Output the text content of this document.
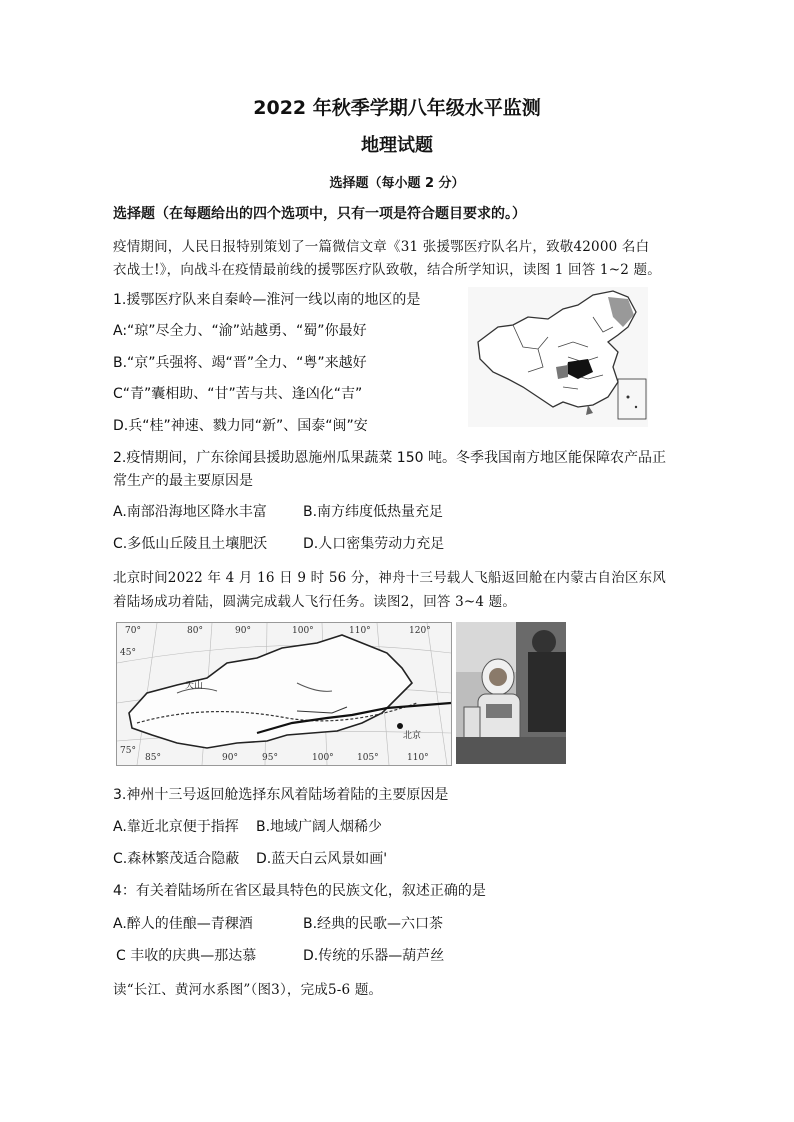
2022 年秋季学期八年级水平监测
地理试题
选择题（每小题 2 分）
选择题（在每题给出的四个选项中，只有一项是符合题目要求的。）
疫情期间，人民日报特别策划了一篇微信文章《31 张援鄂医疗队名片，致敬42000 名白
衣战士!》，向战斗在疫情最前线的援鄂医疗队致敬，结合所学知识，读图 1 回答 1~2 题。
1.援鄂医疗队来自秦岭—淮河一线以南的地区的是
A:“琼”尽全力、“渝”站越勇、“蜀”你最好
B.“京”兵强将、竭“晋”全力、“粤”来越好
C“青”囊相助、“甘”苦与共、逢凶化“吉”
D.兵“桂”神速、戮力同“新”、国泰“闽”安
2.疫情期间，广东徐闻县援助恩施州瓜果蔬菜 150 吨。冬季我国南方地区能保障农产品正
常生产的最主要原因是
A.南部沿海地区降水丰富	B.南方纬度低热量充足
C.多低山丘陵且土壤肥沃	D.人口密集劳动力充足
北京时间2022 年 4 月 16 日 9 时 56 分，神舟十三号载人飞船返回舱在内蒙古自治区东风
着陆场成功着陆，圆满完成载人飞行任务。读图2，回答 3~4 题。
70°	80°	90°	100°	110°	120°
45°
75°
85°	90°	95°	100°	105°	110°
天山
北京
3.神州十三号返回舱选择东风着陆场着陆的主要原因是
A.靠近北京便于指挥 B.地域广阔人烟稀少
C.森林繁茂适合隐蔽 D.蓝天白云风景如画'
4：有关着陆场所在省区最具特色的民族文化，叙述正确的是
A.醉人的佳酿—青稞酒	B.经典的民歌—六口茶
C 丰收的庆典—那达慕	D.传统的乐器—葫芦丝
读“长江、黄河水系图”（图3），完成5-6 题。
